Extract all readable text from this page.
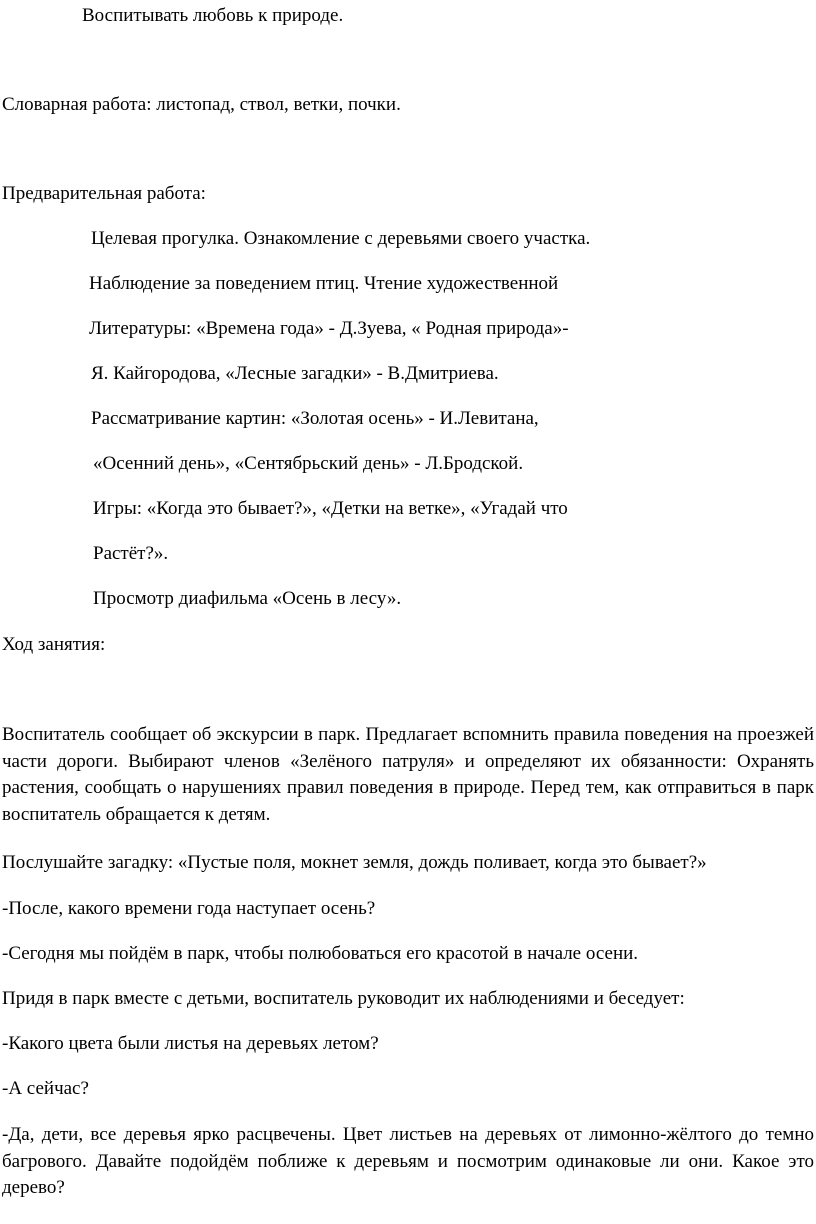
Воспитывать любовь к природе.

Словарная работа: листопад, ствол, ветки, почки.

Предварительная работа:

Целевая прогулка. Ознакомление с деревьями своего участка.

Наблюдение за поведением птиц. Чтение художественной

Литературы: «Времена года» - Д.Зуева, « Родная природа»-

Я. Кайгородова, «Лесные загадки» - В.Дмитриева.

Рассматривание картин: «Золотая осень» - И.Левитана,

«Осенний день», «Сентябрьский день» - Л.Бродской.

Игры: «Когда это бывает?», «Детки на ветке», «Угадай что

Растёт?».

Просмотр диафильма «Осень в лесу».

Ход занятия:

Воспитатель сообщает об экскурсии в парк. Предлагает вспомнить правила поведения на проезжей части дороги. Выбирают членов «Зелёного патруля» и определяют их обязанности: Охранять растения, сообщать о нарушениях правил поведения в природе. Перед тем, как отправиться в парк воспитатель обращается к детям.

Послушайте загадку: «Пустые поля, мокнет земля, дождь поливает, когда это бывает?»

-После, какого времени года наступает осень?

-Сегодня мы пойдём в парк, чтобы полюбоваться его красотой в начале осени.

Придя в парк вместе с детьми, воспитатель руководит их наблюдениями и беседует:

-Какого цвета были листья на деревьях летом?

-А сейчас?

-Да, дети, все деревья ярко расцвечены. Цвет листьев на деревьях от лимонно-жёлтого до темно багрового. Давайте подойдём поближе к деревьям и посмотрим одинаковые ли они. Какое это дерево?
